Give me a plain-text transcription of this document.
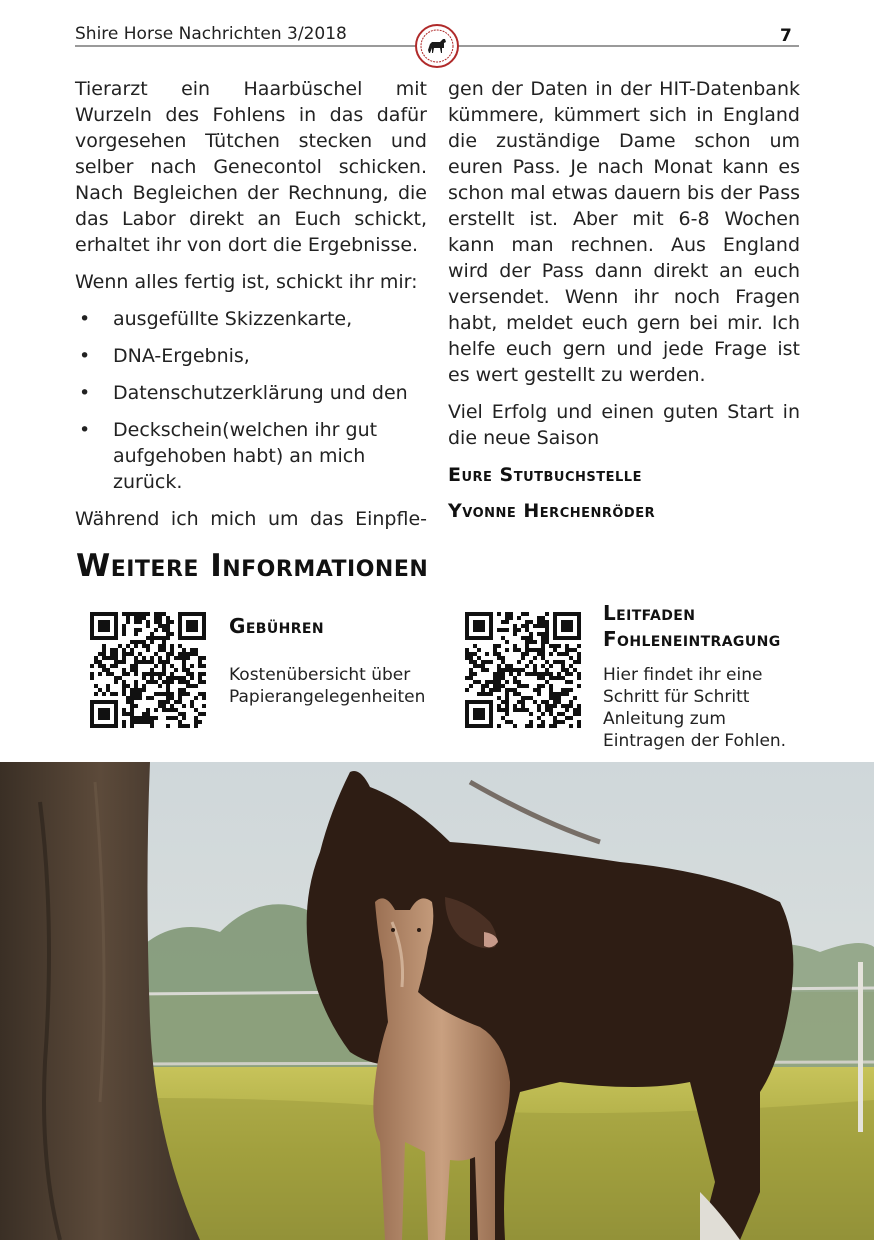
Shire Horse Nachrichten 3/2018	7

Tierarzt ein Haarbüschel mit Wurzeln des Fohlens in das dafür vorgesehen Tütchen stecken und selber nach Genecontol schicken. Nach Begleichen der Rechnung, die das Labor direkt an Euch schickt, erhaltet ihr von dort die Ergebnisse.

Wenn alles fertig ist, schickt ihr mir:

• ausgefüllte Skizzenkarte,
• DNA-Ergebnis,
• Datenschutzerklärung und den
• Deckschein(welchen ihr gut aufgehoben habt) an mich zurück.

Während ich mich um das Einpfle-

gen der Daten in der HIT-Datenbank kümmere, kümmert sich in England die zuständige Dame schon um euren Pass. Je nach Monat kann es schon mal etwas dauern bis der Pass erstellt ist. Aber mit 6-8 Wochen kann man rechnen. Aus England wird der Pass dann direkt an euch versendet. Wenn ihr noch Fragen habt, meldet euch gern bei mir. Ich helfe euch gern und jede Frage ist es wert gestellt zu werden.

Viel Erfolg und einen guten Start in die neue Saison

Eure Stutbuchstelle
Yvonne Herchenröder
Weitere Informationen
Gebühren
Kostenübersicht über Papierangelegenheiten
Leitfaden Fohleneintragung
Hier findet ihr eine Schritt für Schritt Anleitung zum Eintragen der Fohlen.
